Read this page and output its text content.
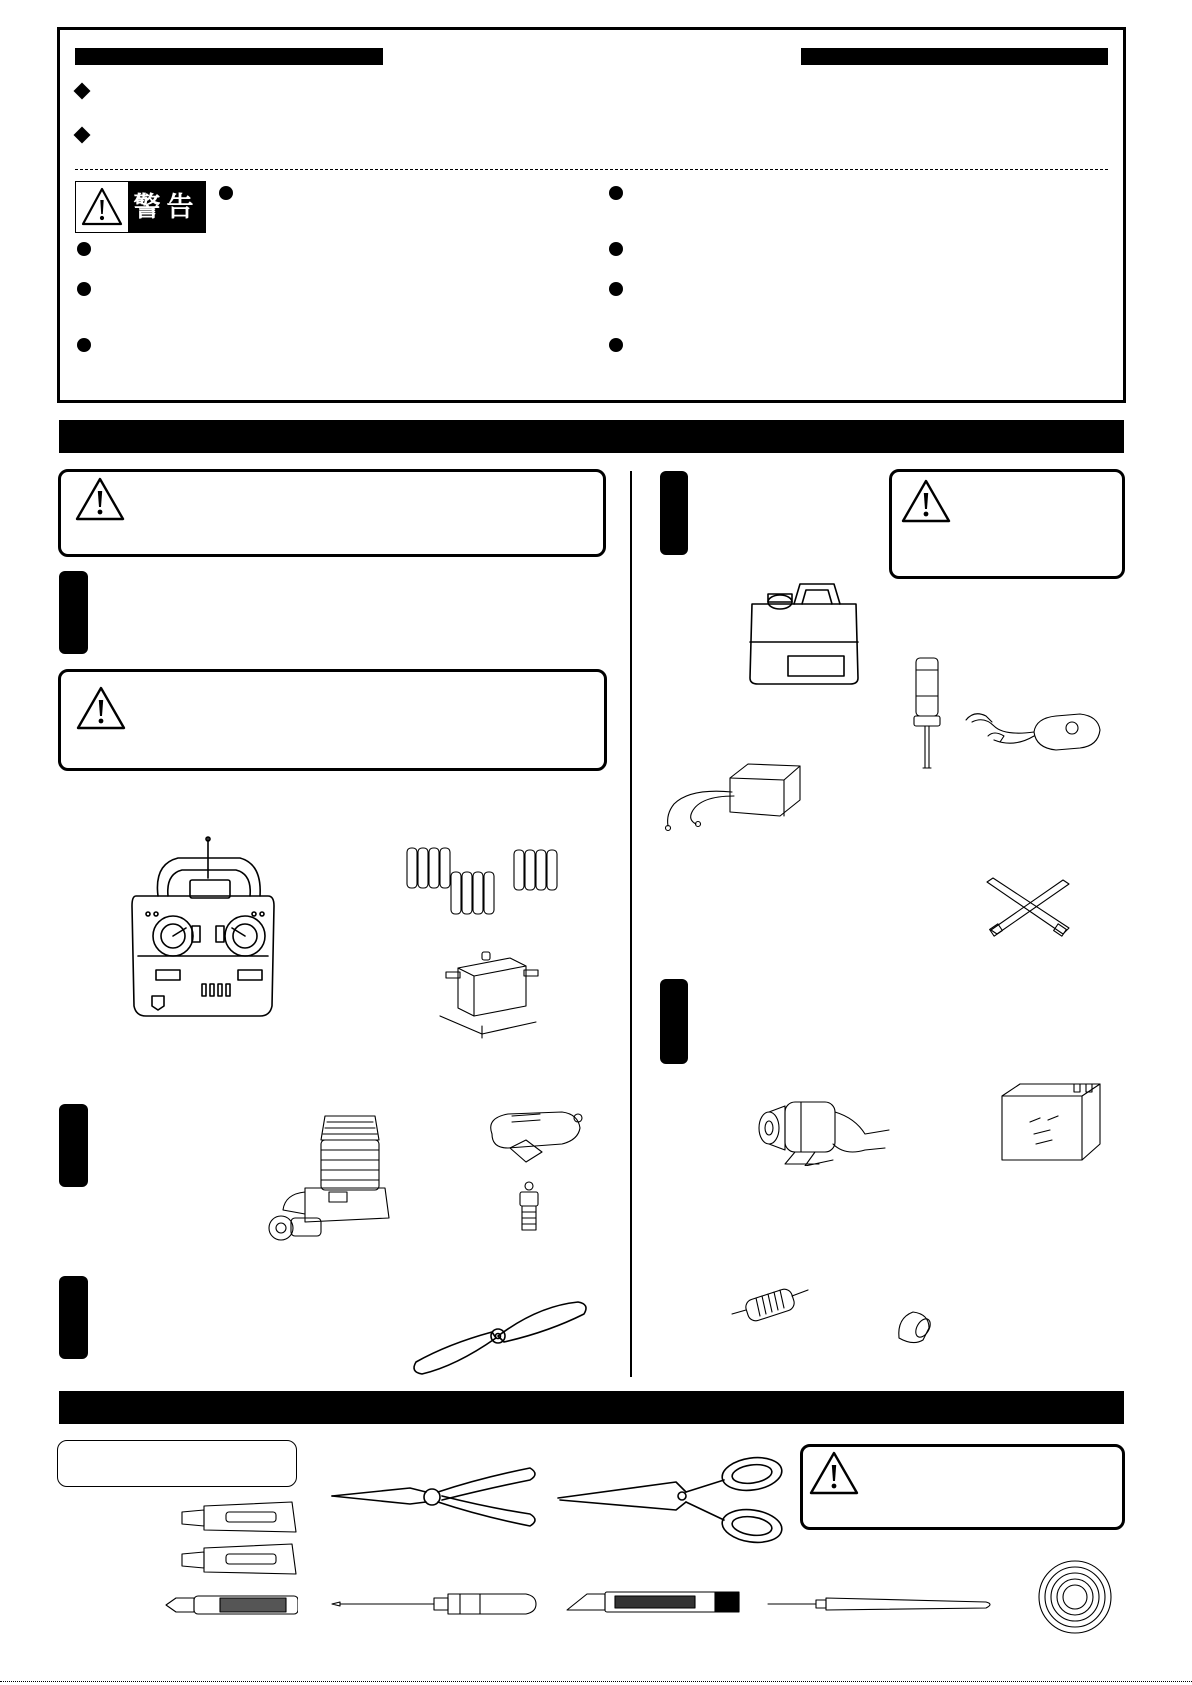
警告
